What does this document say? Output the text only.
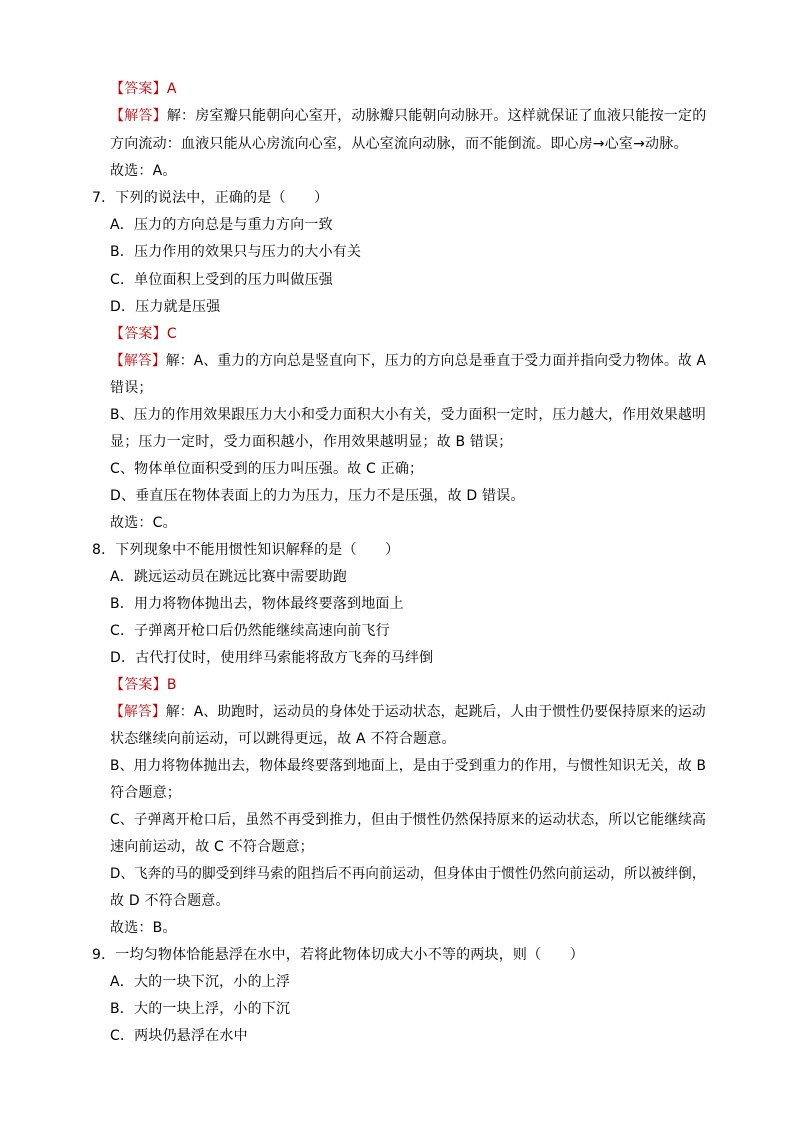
【答案】A
【解答】解：房室瓣只能朝向心室开，动脉瓣只能朝向动脉开。这样就保证了血液只能按一定的
方向流动：血液只能从心房流向心室，从心室流向动脉，而不能倒流。即心房→心室→动脉。
故选：A。
7．下列的说法中，正确的是（　　）
A．压力的方向总是与重力方向一致
B．压力作用的效果只与压力的大小有关
C．单位面积上受到的压力叫做压强
D．压力就是压强
【答案】C
【解答】解：A、重力的方向总是竖直向下，压力的方向总是垂直于受力面并指向受力物体。故 A
错误；
B、压力的作用效果跟压力大小和受力面积大小有关，受力面积一定时，压力越大，作用效果越明
显；压力一定时，受力面积越小，作用效果越明显；故 B 错误；
C、物体单位面积受到的压力叫压强。故 C 正确；
D、垂直压在物体表面上的力为压力，压力不是压强，故 D 错误。
故选：C。
8．下列现象中不能用惯性知识解释的是（　　）
A．跳远运动员在跳远比赛中需要助跑
B．用力将物体抛出去，物体最终要落到地面上
C．子弹离开枪口后仍然能继续高速向前飞行
D．古代打仗时，使用绊马索能将敌方飞奔的马绊倒
【答案】B
【解答】解：A、助跑时，运动员的身体处于运动状态，起跳后，人由于惯性仍要保持原来的运动
状态继续向前运动，可以跳得更远，故 A 不符合题意。
B、用力将物体抛出去，物体最终要落到地面上，是由于受到重力的作用，与惯性知识无关，故 B
符合题意；
C、子弹离开枪口后，虽然不再受到推力，但由于惯性仍然保持原来的运动状态，所以它能继续高
速向前运动，故 C 不符合题意；
D、飞奔的马的脚受到绊马索的阻挡后不再向前运动，但身体由于惯性仍然向前运动，所以被绊倒，
故 D 不符合题意。
故选：B。
9．一均匀物体恰能悬浮在水中，若将此物体切成大小不等的两块，则（　　）
A．大的一块下沉，小的上浮
B．大的一块上浮，小的下沉
C．两块仍悬浮在水中
